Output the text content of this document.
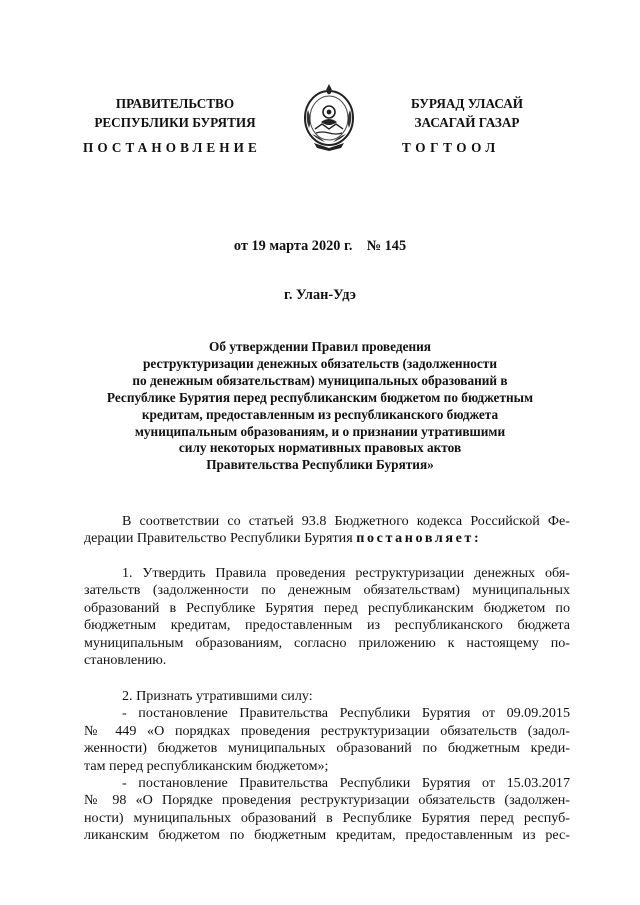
ПРАВИТЕЛЬСТВО
РЕСПУБЛИКИ БУРЯТИЯ
ПОСТАНОВЛЕНИЕ
БУРЯАД УЛАСАЙ
ЗАСАГАЙ ГАЗАР
ТОГТООЛ
от 19 марта 2020 г.    № 145
г. Улан-Удэ
Об утверждении Правил проведения
реструктуризации денежных обязательств (задолженности
по денежным обязательствам) муниципальных образований в
Республике Бурятия перед республиканским бюджетом по бюджетным
кредитам, предоставленным из республиканского бюджета
муниципальным образованиям, и о признании утратившими
силу некоторых нормативных правовых актов
Правительства Республики Бурятия»
В соответствии со статьей 93.8 Бюджетного кодекса Российской Фе-
дерации Правительство Республики Бурятия постановляет:
1. Утвердить Правила проведения реструктуризации денежных обя-
зательств (задолженности по денежным обязательствам) муниципальных
образований в Республике Бурятия перед республиканским бюджетом по
бюджетным кредитам, предоставленным из республиканского бюджета
муниципальным образованиям, согласно приложению к настоящему по-
становлению.
2. Признать утратившими силу:
- постановление Правительства Республики Бурятия от 09.09.2015
№ 449 «О порядках проведения реструктуризации обязательств (задол-
женности) бюджетов муниципальных образований по бюджетным креди-
там перед республиканским бюджетом»;
- постановление Правительства Республики Бурятия от 15.03.2017
№ 98 «О Порядке проведения реструктуризации обязательств (задолжен-
ности) муниципальных образований в Республике Бурятия перед респуб-
ликанским бюджетом по бюджетным кредитам, предоставленным из рес-
